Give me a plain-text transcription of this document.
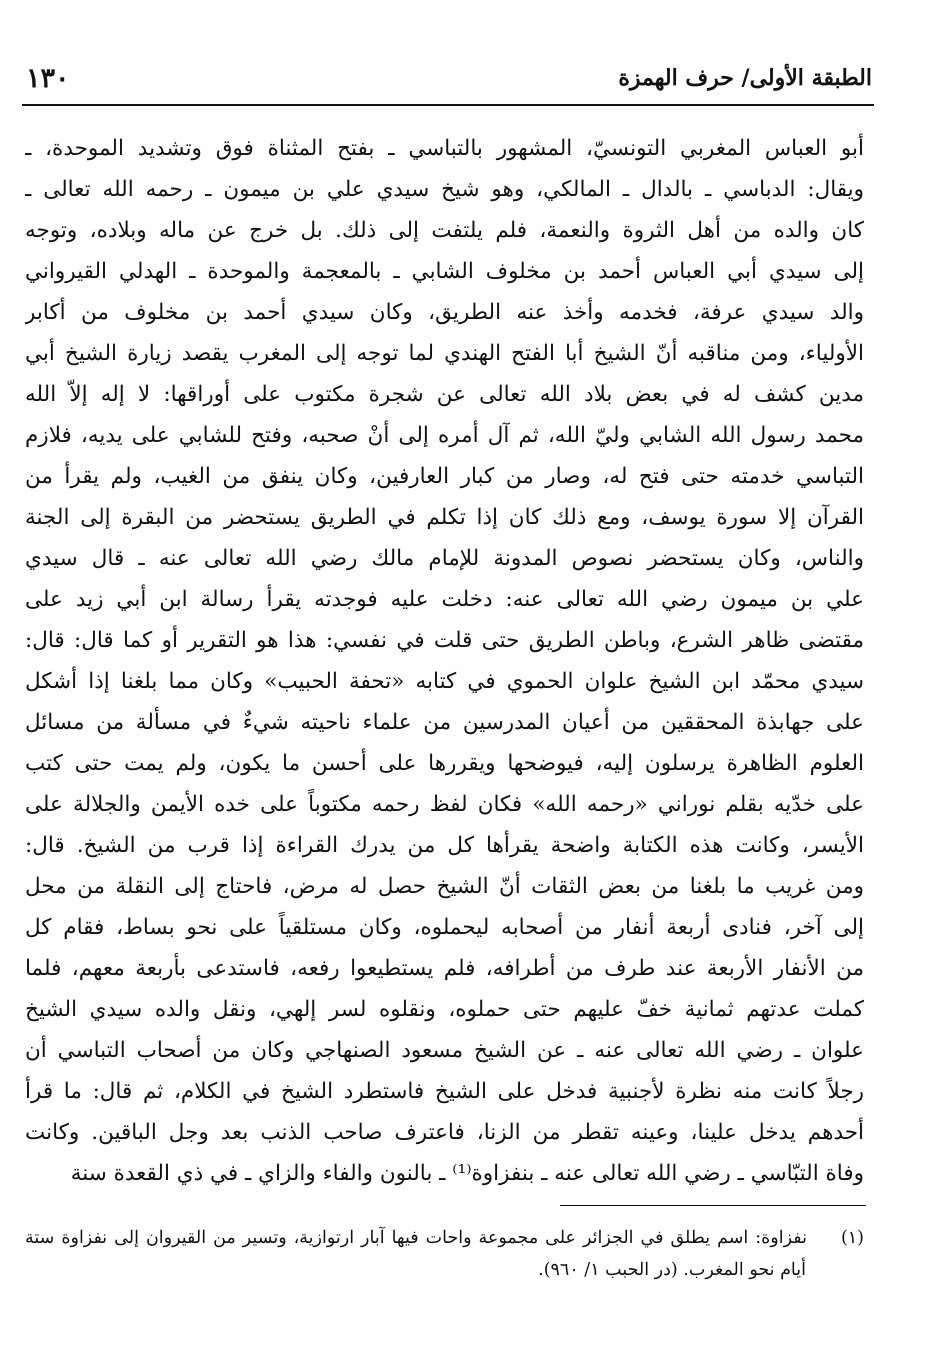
١٣٠	الطبقة الأولى/ حرف الهمزة
أبو العباس المغربي التونسيّ، المشهور بالتباسي ـ بفتح المثناة فوق وتشديد الموحدة، ـ
ويقال: الدباسي ـ بالدال ـ المالكي، وهو شيخ سيدي علي بن ميمون ـ رحمه الله تعالى ـ
كان والده من أهل الثروة والنعمة، فلم يلتفت إلى ذلك. بل خرج عن ماله وبلاده، وتوجه
إلى سيدي أبي العباس أحمد بن مخلوف الشابي ـ بالمعجمة والموحدة ـ الهدلي القيرواني
والد سيدي عرفة، فخدمه وأخذ عنه الطريق، وكان سيدي أحمد بن مخلوف من أكابر
الأولياء، ومن مناقبه أنّ الشيخ أبا الفتح الهندي لما توجه إلى المغرب يقصد زيارة الشيخ أبي
مدين كشف له في بعض بلاد الله تعالى عن شجرة مكتوب على أوراقها: لا إله إلاّ الله
محمد رسول الله الشابي وليّ الله، ثم آل أمره إلى أنْ صحبه، وفتح للشابي على يديه، فلازم
التباسي خدمته حتى فتح له، وصار من كبار العارفين، وكان ينفق من الغيب، ولم يقرأ من
القرآن إلا سورة يوسف، ومع ذلك كان إذا تكلم في الطريق يستحضر من البقرة إلى الجنة
والناس، وكان يستحضر نصوص المدونة للإمام مالك رضي الله تعالى عنه ـ قال سيدي
علي بن ميمون رضي الله تعالى عنه: دخلت عليه فوجدته يقرأ رسالة ابن أبي زيد على
مقتضى ظاهر الشرع، وباطن الطريق حتى قلت في نفسي: هذا هو التقرير أو كما قال: قال:
سيدي محمّد ابن الشيخ علوان الحموي في كتابه «تحفة الحبيب» وكان مما بلغنا إذا أشكل
على جهابذة المحققين من أعيان المدرسين من علماء ناحيته شيءٌ في مسألة من مسائل
العلوم الظاهرة يرسلون إليه، فيوضحها ويقررها على أحسن ما يكون، ولم يمت حتى كتب
على خدّيه بقلم نوراني «رحمه الله» فكان لفظ رحمه مكتوباً على خده الأيمن والجلالة على
الأيسر، وكانت هذه الكتابة واضحة يقرأها كل من يدرك القراءة إذا قرب من الشيخ. قال:
ومن غريب ما بلغنا من بعض الثقات أنّ الشيخ حصل له مرض، فاحتاج إلى النقلة من محل
إلى آخر، فنادى أربعة أنفار من أصحابه ليحملوه، وكان مستلقياً على نحو بساط، فقام كل
من الأنفار الأربعة عند طرف من أطرافه، فلم يستطيعوا رفعه، فاستدعى بأربعة معهم، فلما
كملت عدتهم ثمانية خفّ عليهم حتى حملوه، ونقلوه لسر إلهي، ونقل والده سيدي الشيخ
علوان ـ رضي الله تعالى عنه ـ عن الشيخ مسعود الصنهاجي وكان من أصحاب التباسي أن
رجلاً كانت منه نظرة لأجنبية فدخل على الشيخ فاستطرد الشيخ في الكلام، ثم قال: ما قرأ
أحدهم يدخل علينا، وعينه تقطر من الزنا، فاعترف صاحب الذنب بعد وجل الباقين. وكانت
وفاة التبّاسي ـ رضي الله تعالى عنه ـ بنفزاوة⁽¹⁾ ـ بالنون والفاء والزاي ـ في ذي القعدة سنة
(١) نفزاوة: اسم يطلق في الجزائر على مجموعة واحات فيها آبار ارتوازية، وتسير من القيروان إلى نفزاوة ستة
أيام نحو المغرب. (در الحبب ١/ ٩٦٠).
